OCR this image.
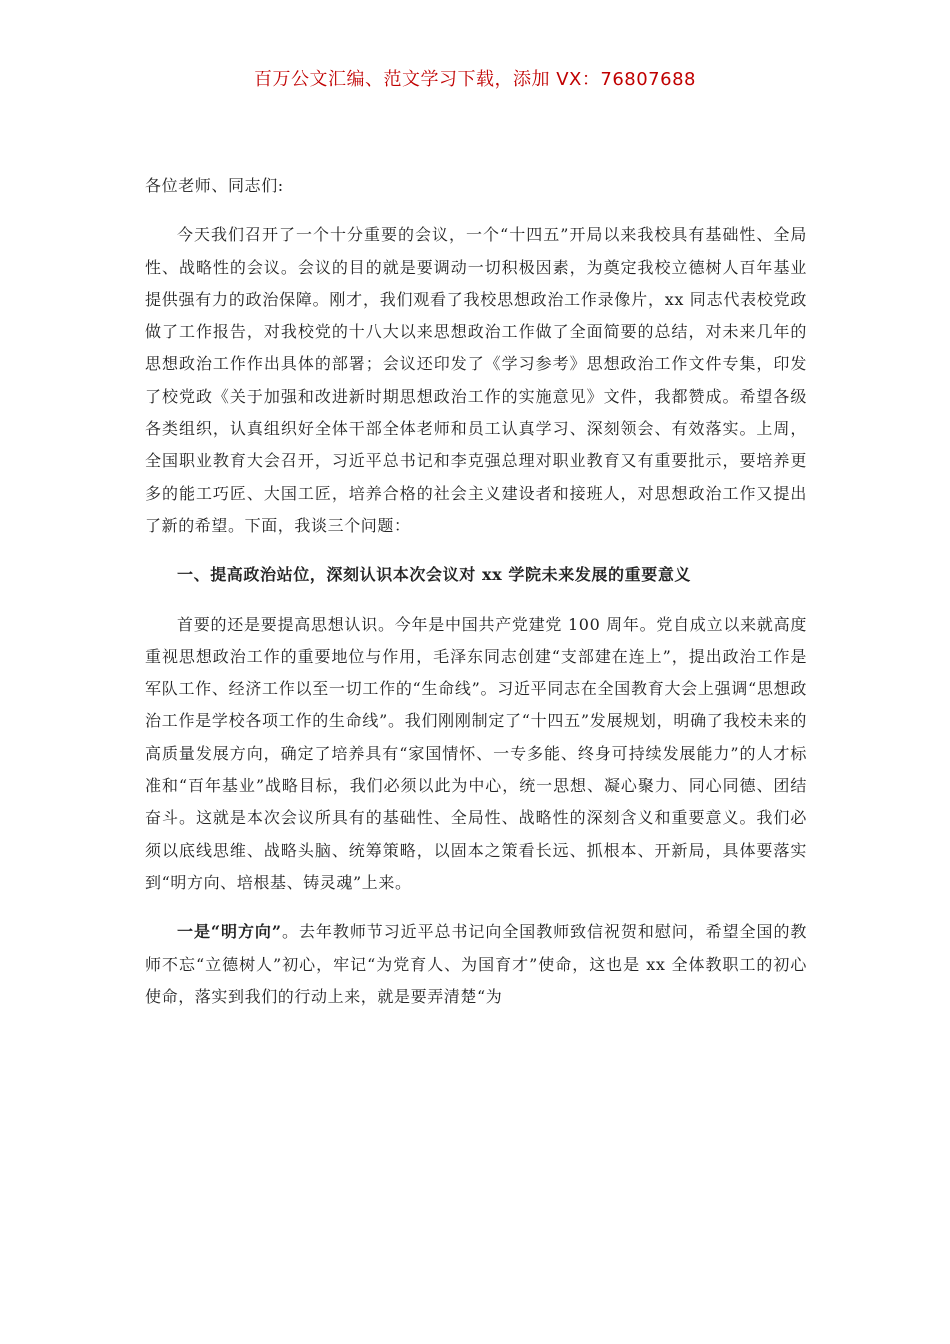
百万公文汇编、范文学习下载，添加 VX：76807688

各位老师、同志们:

今天我们召开了一个十分重要的会议，一个“十四五”开局以来我校具有基础性、全局性、战略性的会议。会议的目的就是要调动一切积极因素，为奠定我校立德树人百年基业提供强有力的政治保障。刚才，我们观看了我校思想政治工作录像片，xx 同志代表校党政做了工作报告，对我校党的十八大以来思想政治工作做了全面简要的总结，对未来几年的思想政治工作作出具体的部署；会议还印发了《学习参考》思想政治工作文件专集，印发了校党政《关于加强和改进新时期思想政治工作的实施意见》文件，我都赞成。希望各级各类组织，认真组织好全体干部全体老师和员工认真学习、深刻领会、有效落实。上周，全国职业教育大会召开，习近平总书记和李克强总理对职业教育又有重要批示，要培养更多的能工巧匠、大国工匠，培养合格的社会主义建设者和接班人，对思想政治工作又提出了新的希望。下面，我谈三个问题：

一、提高政治站位，深刻认识本次会议对 xx 学院未来发展的重要意义

首要的还是要提高思想认识。今年是中国共产党建党 100 周年。党自成立以来就高度重视思想政治工作的重要地位与作用，毛泽东同志创建“支部建在连上”，提出政治工作是军队工作、经济工作以至一切工作的“生命线”。习近平同志在全国教育大会上强调“思想政治工作是学校各项工作的生命线”。我们刚刚制定了“十四五”发展规划，明确了我校未来的高质量发展方向，确定了培养具有“家国情怀、一专多能、终身可持续发展能力”的人才标准和“百年基业”战略目标，我们必须以此为中心，统一思想、凝心聚力、同心同德、团结奋斗。这就是本次会议所具有的基础性、全局性、战略性的深刻含义和重要意义。我们必须以底线思维、战略头脑、统筹策略，以固本之策看长远、抓根本、开新局，具体要落实到“明方向、培根基、铸灵魂”上来。

一是“明方向”。去年教师节习近平总书记向全国教师致信祝贺和慰问，希望全国的教师不忘“立德树人”初心，牢记“为党育人、为国育才”使命，这也是 xx 全体教职工的初心使命，落实到我们的行动上来，就是要弄清楚“为
